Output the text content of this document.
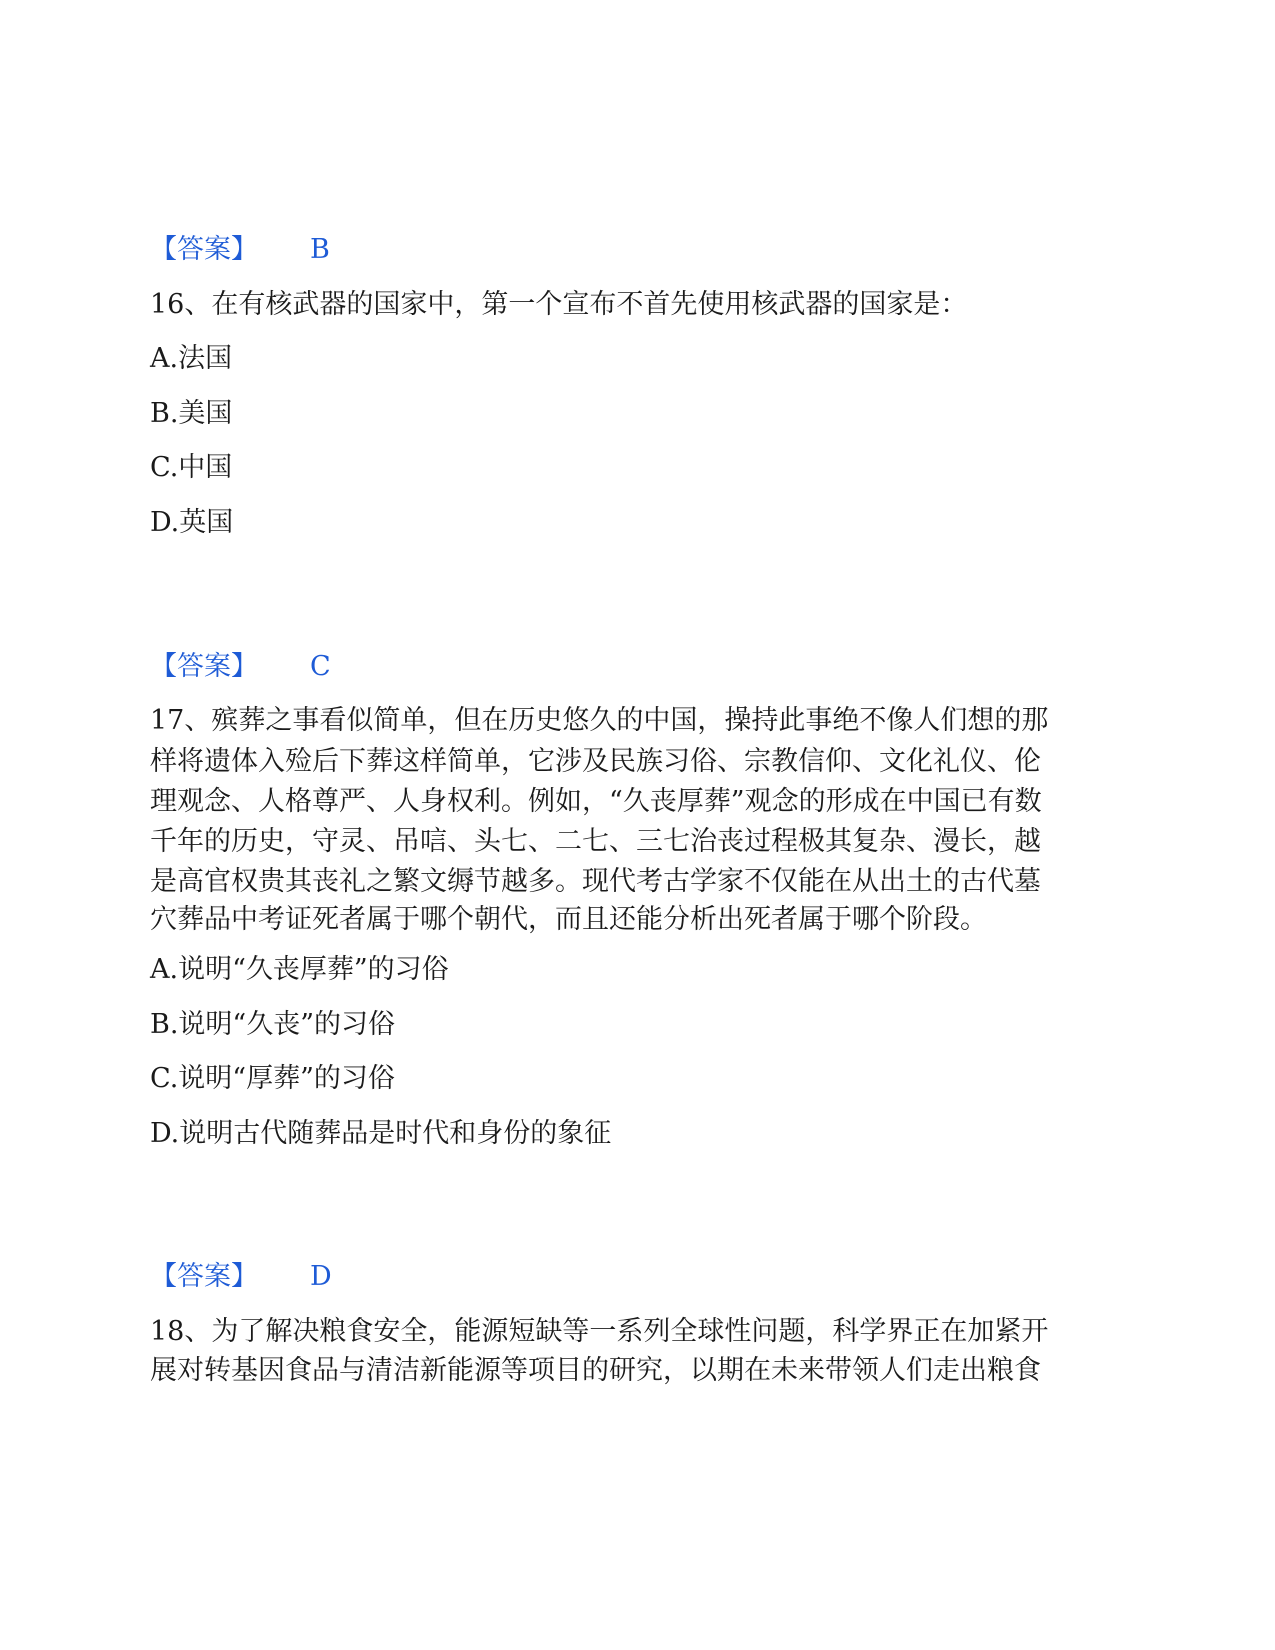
【答案】 B
16、在有核武器的国家中，第一个宣布不首先使用核武器的国家是：
A.法国
B.美国
C.中国
D.英国
【答案】 C
17、殡葬之事看似简单，但在历史悠久的中国，操持此事绝不像人们想的那
样将遗体入殓后下葬这样简单，它涉及民族习俗、宗教信仰、文化礼仪、伦
理观念、人格尊严、人身权利。例如，“久丧厚葬”观念的形成在中国已有数
千年的历史，守灵、吊唁、头七、二七、三七治丧过程极其复杂、漫长，越
是高官权贵其丧礼之繁文缛节越多。现代考古学家不仅能在从出土的古代墓
穴葬品中考证死者属于哪个朝代，而且还能分析出死者属于哪个阶段。
A.说明“久丧厚葬”的习俗
B.说明“久丧”的习俗
C.说明“厚葬”的习俗
D.说明古代随葬品是时代和身份的象征
【答案】 D
18、为了解决粮食安全，能源短缺等一系列全球性问题，科学界正在加紧开
展对转基因食品与清洁新能源等项目的研究，以期在未来带领人们走出粮食
